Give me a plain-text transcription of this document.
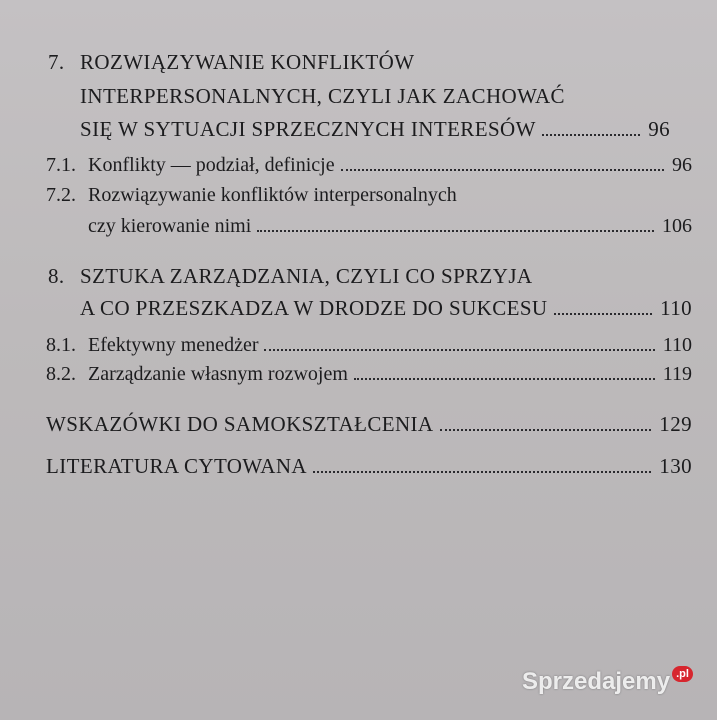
7. ROZWIĄZYWANIE KONFLIKTÓW
INTERPERSONALNYCH, CZYLI JAK ZACHOWAĆ
SIĘ W SYTUACJI SPRZECZNYCH INTERESÓW	96
7.1. Konflikty — podział, definicje	96
7.2. Rozwiązywanie konfliktów interpersonalnych
czy kierowanie nimi	106
8. SZTUKA ZARZĄDZANIA, CZYLI CO SPRZYJA
A CO PRZESZKADZA W DRODZE DO SUKCESU	110
8.1. Efektywny menedżer	110
8.2. Zarządzanie własnym rozwojem	119
WSKAZÓWKI DO SAMOKSZTAŁCENIA	129
LITERATURA CYTOWANA	130
Sprzedajemy .pl
